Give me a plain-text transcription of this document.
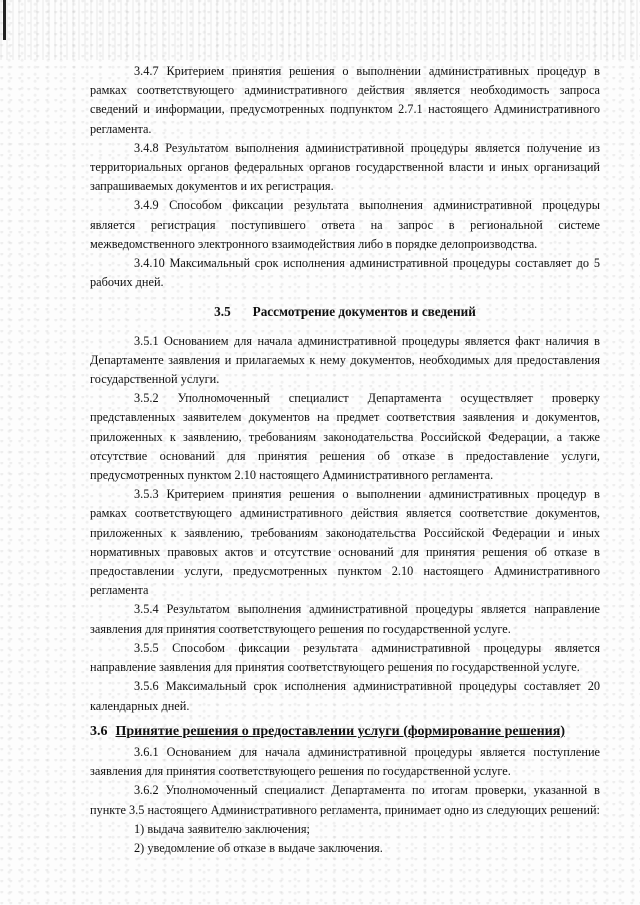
3.4.7 Критерием принятия решения о выполнении административных процедур в рамках соответствующего административного действия является необходимость запроса сведений и информации, предусмотренных подпунктом 2.7.1 настоящего Административного регламента.

3.4.8 Результатом выполнения административной процедуры является получение из территориальных органов федеральных органов государственной власти и иных организаций запрашиваемых документов и их регистрация.

3.4.9 Способом фиксации результата выполнения административной процедуры является регистрация поступившего ответа на запрос в региональной системе межведомственного электронного взаимодействия либо в порядке делопроизводства.

3.4.10 Максимальный срок исполнения административной процедуры составляет до 5 рабочих дней.

3.5 Рассмотрение документов и сведений

3.5.1 Основанием для начала административной процедуры является факт наличия в Департаменте заявления и прилагаемых к нему документов, необходимых для предоставления государственной услуги.

3.5.2 Уполномоченный специалист Департамента осуществляет проверку представленных заявителем документов на предмет соответствия заявления и документов, приложенных к заявлению, требованиям законодательства Российской Федерации, а также отсутствие оснований для принятия решения об отказе в предоставление услуги, предусмотренных пунктом 2.10 настоящего Административного регламента.

3.5.3 Критерием принятия решения о выполнении административных процедур в рамках соответствующего административного действия является соответствие документов, приложенных к заявлению, требованиям законодательства Российской Федерации и иных нормативных правовых актов и отсутствие оснований для принятия решения об отказе в предоставлении услуги, предусмотренных пунктом 2.10 настоящего Административного регламента

3.5.4 Результатом выполнения административной процедуры является направление заявления для принятия соответствующего решения по государственной услуге.

3.5.5 Способом фиксации результата административной процедуры является направление заявления для принятия соответствующего решения по государственной услуге.

3.5.6 Максимальный срок исполнения административной процедуры составляет 20 календарных дней.

3.6 Принятие решения о предоставлении услуги (формирование решения)

3.6.1 Основанием для начала административной процедуры является поступление заявления для принятия соответствующего решения по государственной услуге.

3.6.2 Уполномоченный специалист Департамента по итогам проверки, указанной в пункте 3.5 настоящего Административного регламента, принимает одно из следующих решений:

1) выдача заявителю заключения;

2) уведомление об отказе в выдаче заключения.
